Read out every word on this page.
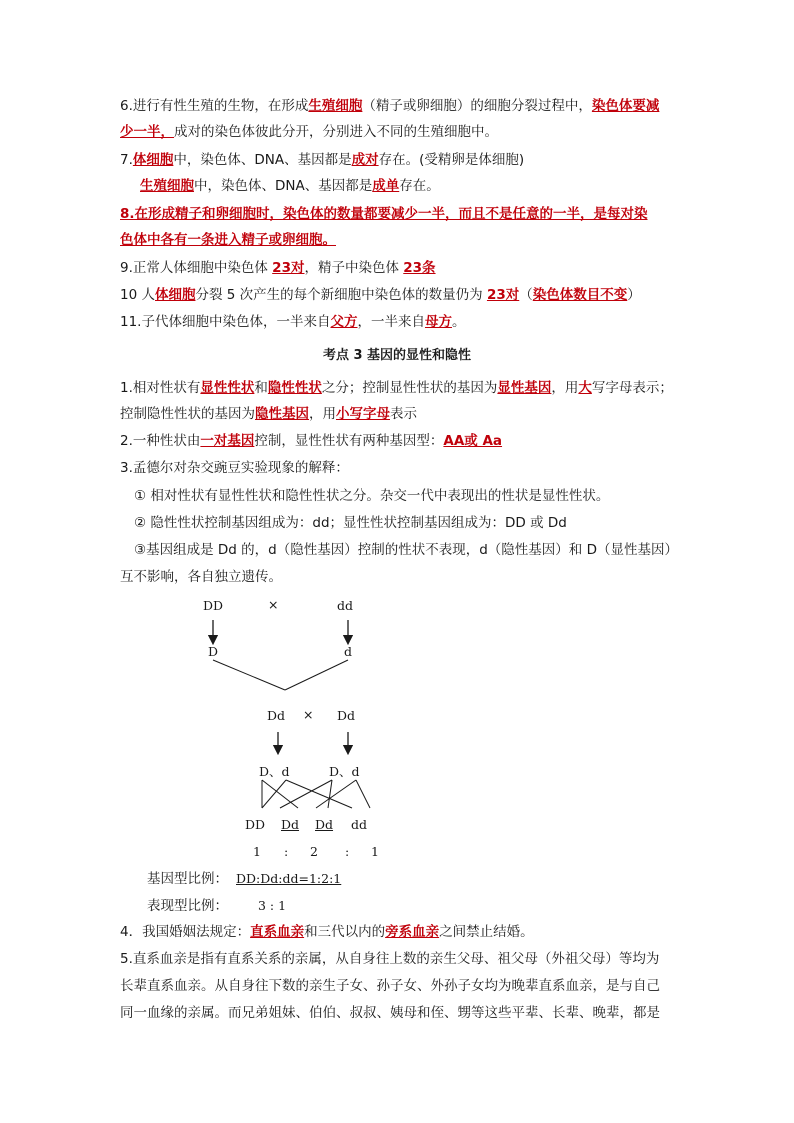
6.进行有性生殖的生物，在形成生殖细胞（精子或卵细胞）的细胞分裂过程中，染色体要减
少一半，成对的染色体彼此分开，分别进入不同的生殖细胞中。
7.体细胞中，染色体、DNA、基因都是成对存在。(受精卵是体细胞)
生殖细胞中，染色体、DNA、基因都是成单存在。
8.在形成精子和卵细胞时，染色体的数量都要减少一半，而且不是任意的一半，是每对染
色体中各有一条进入精子或卵细胞。
9.正常人体细胞中染色体 23对，精子中染色体 23条
10 人体细胞分裂 5 次产生的每个新细胞中染色体的数量仍为 23对（染色体数目不变）
11.子代体细胞中染色体，一半来自父方，一半来自母方。
考点 3 基因的显性和隐性
1.相对性状有显性性状和隐性性状之分；控制显性性状的基因为显性基因，用大写字母表示；
控制隐性性状的基因为隐性基因，用小写字母表示
2.一种性状由一对基因控制，显性性状有两种基因型：AA或 Aa
3.孟德尔对杂交豌豆实验现象的解释：
① 相对性状有显性性状和隐性性状之分。杂交一代中表现出的性状是显性性状。
② 隐性性状控制基因组成为：dd；显性性状控制基因组成为：DD 或 Dd
③基因组成是 Dd 的，d（隐性基因）控制的性状不表现，d（隐性基因）和 D（显性基因）
互不影响，各自独立遗传。
DD	×	dd
D	d
Dd × Dd
D、d	D、d
DD Dd Dd dd
1 : 2 : 1
基因型比例： DD:Dd:dd=1:2:1
表现型比例： 3 : 1
4．我国婚姻法规定：直系血亲和三代以内的旁系血亲之间禁止结婚。
5.直系血亲是指有直系关系的亲属，从自身往上数的亲生父母、祖父母（外祖父母）等均为
长辈直系血亲。从自身往下数的亲生子女、孙子女、外孙子女均为晚辈直系血亲，是与自己
同一血缘的亲属。而兄弟姐妹、伯伯、叔叔、姨母和侄、甥等这些平辈、长辈、晚辈，都是
